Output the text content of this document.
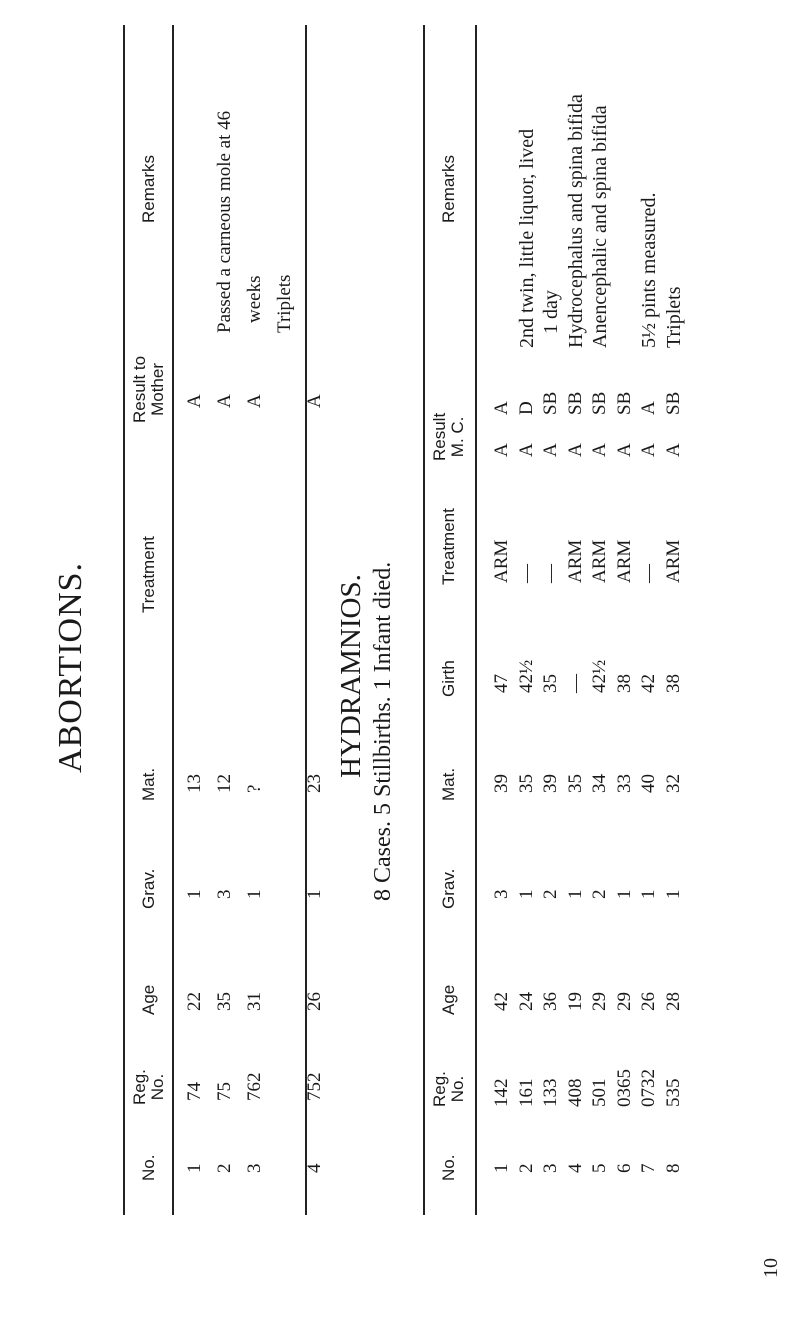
ABORTIONS.
No.
Reg.
No.
Age
Grav.
Mat.
Treatment
Result to
Mother
Remarks
1 2 3 4
74 75 762 752
22 35 31 26
1 3 1 1
13 12 ? 23
A A A A
Passed a carneous mole at 46 weeks Triplets
HYDRAMNIOS. 8 Cases. 5 Stillbirths. 1 Infant died.
No.
Reg.
No.
Age
Grav.
Mat.
Girth
Treatment
Result
M. C.
Remarks
1 2 3 4 5 6 7 8
142 161 133 408 501 0365 0732 535
42 24 36 19 29 29 26 28
3 1 2 1 2 1 1 1
39 35 39 35 34 33 40 32
47 42½ 35 — 42½ 38 42 38
ARM — — ARM ARM ARM — ARM
A A A A A A A A
A D SB SB SB SB A SB
2nd twin, little liquor, lived 1 day Hydrocephalus and spina bifida Anencephalic and spina bifida 5½ pints measured. Triplets
10
